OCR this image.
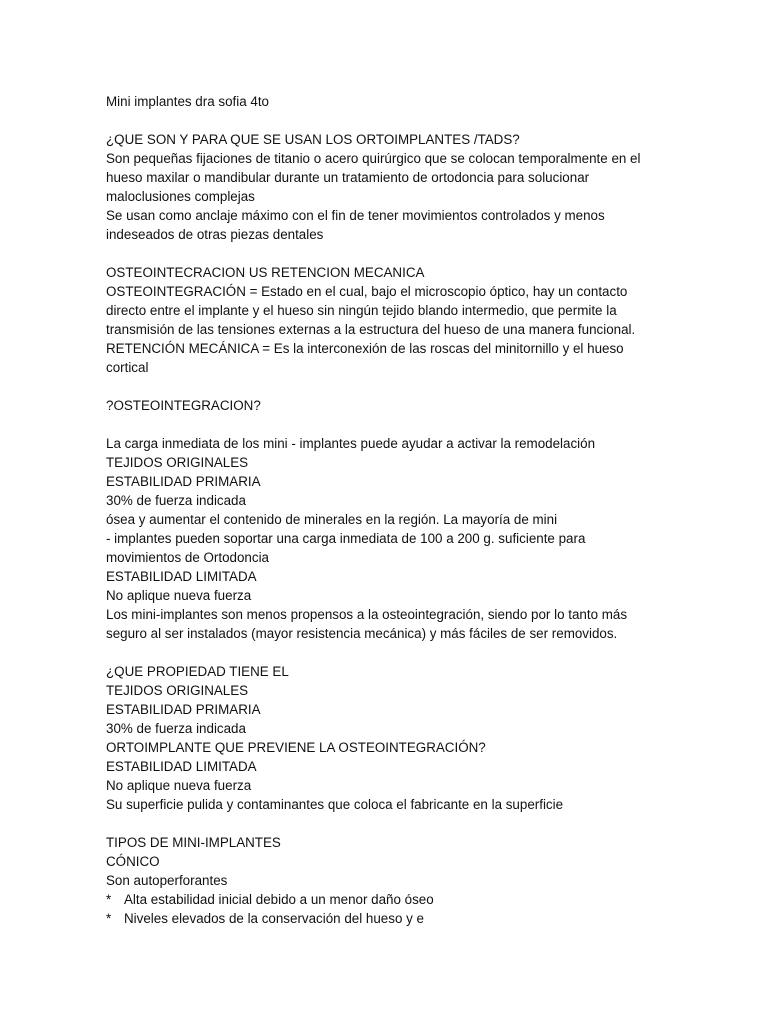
Mini implantes dra sofia 4to
¿QUE SON Y PARA QUE SE USAN LOS ORTOIMPLANTES /TADS?
Son pequeñas fijaciones de titanio o acero quirúrgico que se colocan temporalmente en el
hueso maxilar o mandibular durante un tratamiento de ortodoncia para solucionar
maloclusiones complejas
Se usan como anclaje máximo con el fin de tener movimientos controlados y menos
indeseados de otras piezas dentales
OSTEOINTECRACION US RETENCION MECANICA
OSTEOINTEGRACIÓN = Estado en el cual, bajo el microscopio óptico, hay un contacto
directo entre el implante y el hueso sin ningún tejido blando intermedio, que permite la
transmisión de las tensiones externas a la estructura del hueso de una manera funcional.
RETENCIÓN MECÁNICA = Es la interconexión de las roscas del minitornillo y el hueso
cortical
?OSTEOINTEGRACION?
La carga inmediata de los mini - implantes puede ayudar a activar la remodelación
TEJIDOS ORIGINALES
ESTABILIDAD PRIMARIA
30% de fuerza indicada
ósea y aumentar el contenido de minerales en la región. La mayoría de mini
- implantes pueden soportar una carga inmediata de 100 a 200 g. suficiente para
movimientos de Ortodoncia
ESTABILIDAD LIMITADA
No aplique nueva fuerza
Los mini-implantes son menos propensos a la osteointegración, siendo por lo tanto más
seguro al ser instalados (mayor resistencia mecánica) y más fáciles de ser removidos.
¿QUE PROPIEDAD TIENE EL
TEJIDOS ORIGINALES
ESTABILIDAD PRIMARIA
30% de fuerza indicada
ORTOIMPLANTE QUE PREVIENE LA OSTEOINTEGRACIÓN?
ESTABILIDAD LIMITADA
No aplique nueva fuerza
Su superficie pulida y contaminantes que coloca el fabricante en la superficie
TIPOS DE MINI-IMPLANTES
CÓNICO
Son autoperforantes
* Alta estabilidad inicial debido a un menor daño óseo
* Niveles elevados de la conservación del hueso y e
